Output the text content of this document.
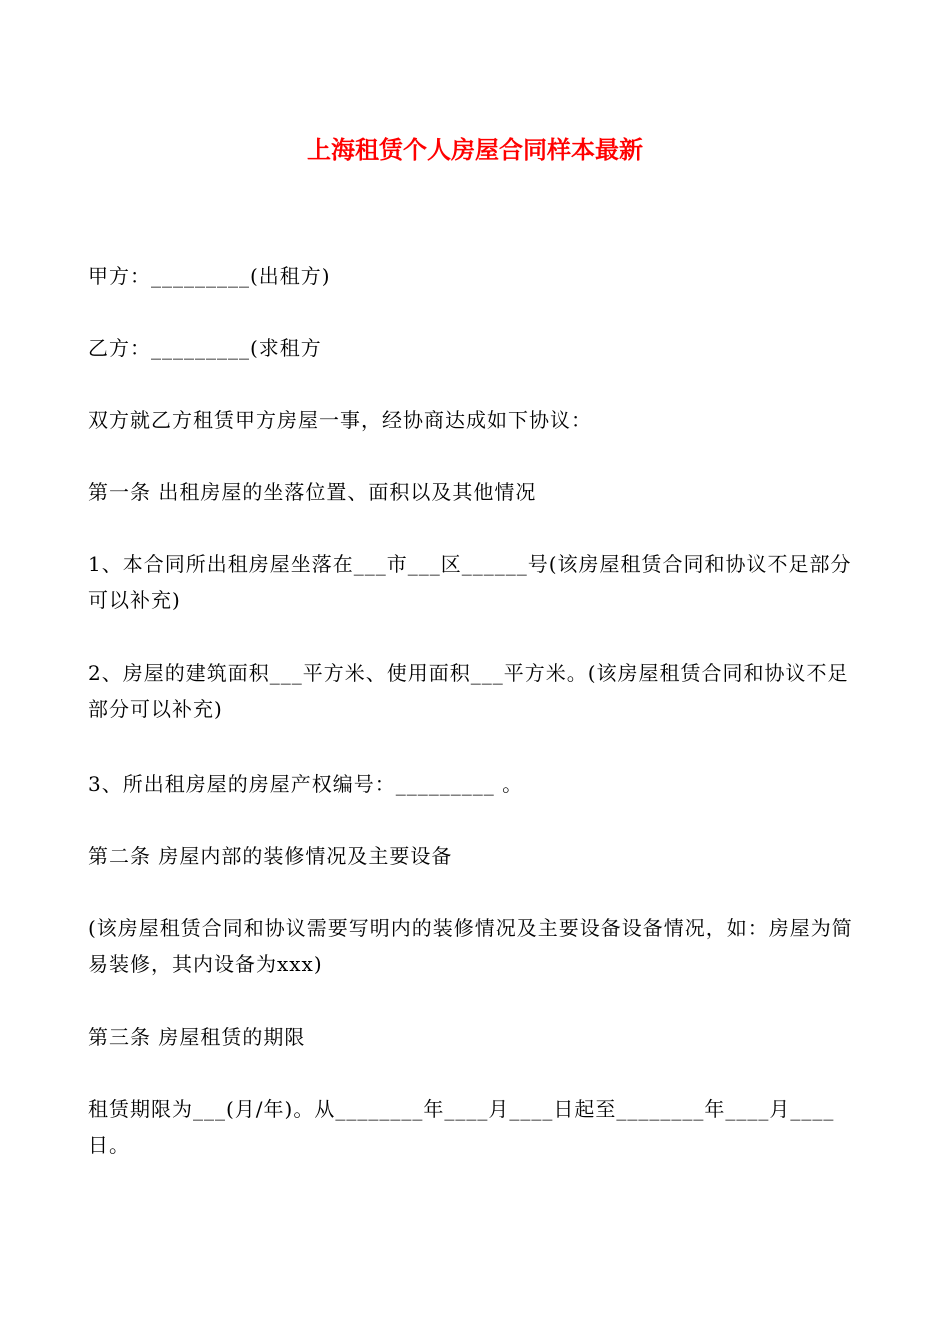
上海租赁个人房屋合同样本最新
甲方：_________(出租方)
乙方：_________(求租方
双方就乙方租赁甲方房屋一事，经协商达成如下协议：
第一条 出租房屋的坐落位置、面积以及其他情况
1、本合同所出租房屋坐落在___市___区______号(该房屋租赁合同和协议不足部分可以补充)
2、房屋的建筑面积___平方米、使用面积___平方米。(该房屋租赁合同和协议不足部分可以补充)
3、所出租房屋的房屋产权编号：_________ 。
第二条 房屋内部的装修情况及主要设备
(该房屋租赁合同和协议需要写明内的装修情况及主要设备设备情况，如：房屋为简易装修，其内设备为xxx)
第三条 房屋租赁的期限
租赁期限为___(月/年)。从________年____月____日起至________年____月____日。
